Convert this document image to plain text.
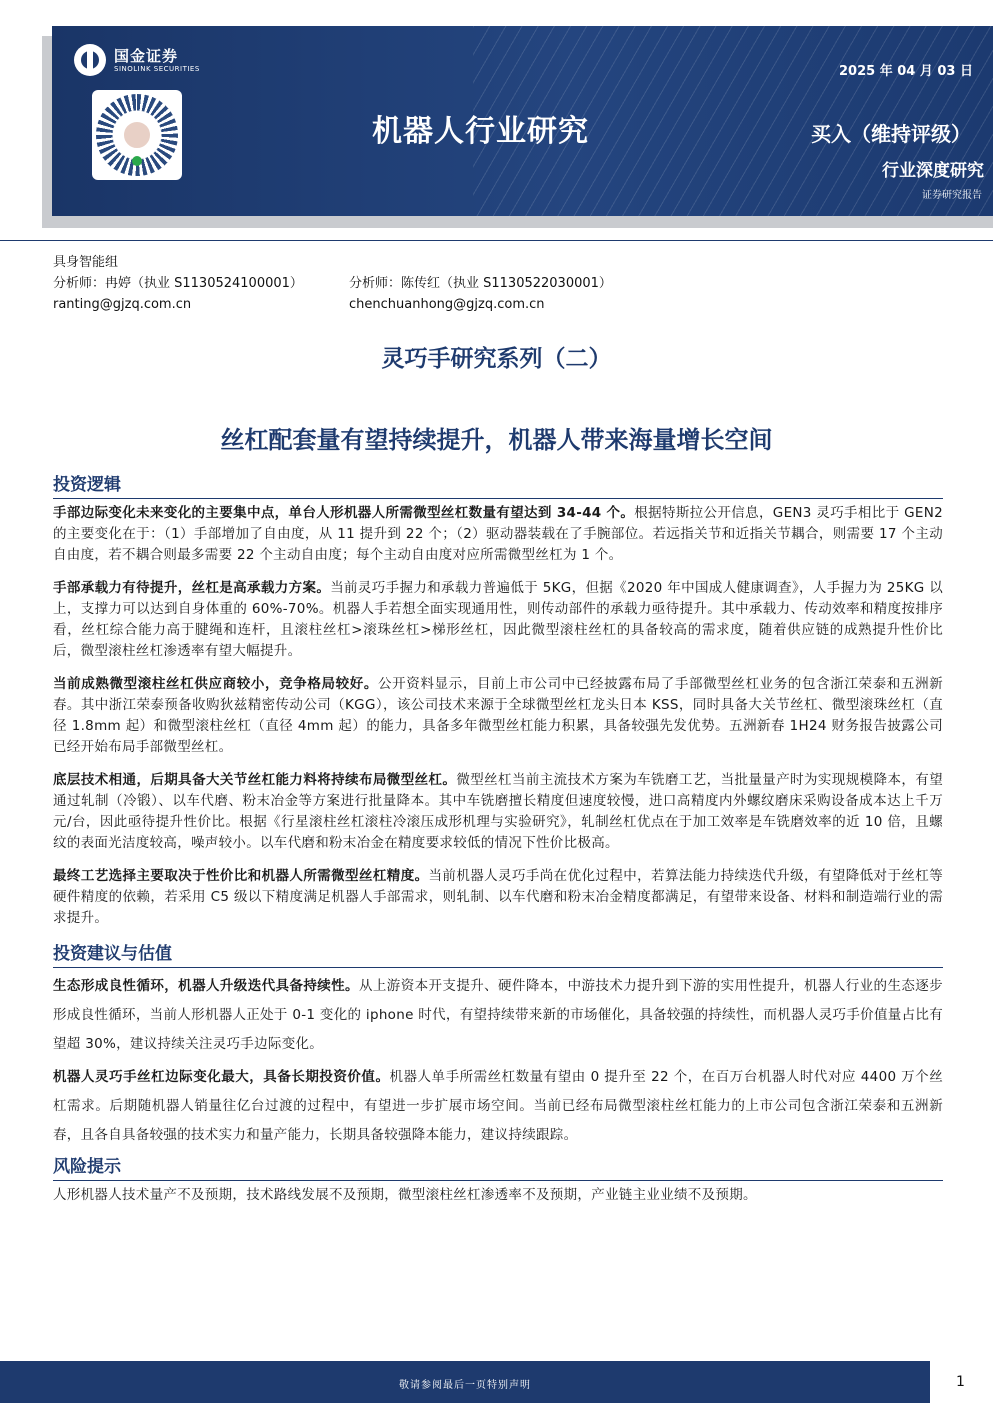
国金证券
SINOLINK SECURITIES
机器人行业研究
2025 年 04 月 03 日
买入（维持评级）
行业深度研究
证券研究报告
具身智能组
分析师：冉婷（执业 S1130524100001）	分析师：陈传红（执业 S1130522030001）
ranting@gjzq.com.cn	chenchuanhong@gjzq.com.cn
灵巧手研究系列（二）
丝杠配套量有望持续提升，机器人带来海量增长空间
投资逻辑

手部边际变化未来变化的主要集中点，单台人形机器人所需微型丝杠数量有望达到 34-44 个。根据特斯拉公开信息，GEN3 灵巧手相比于 GEN2 的主要变化在于：（1）手部增加了自由度，从 11 提升到 22 个；（2）驱动器装载在了手腕部位。若远指关节和近指关节耦合，则需要 17 个主动自由度，若不耦合则最多需要 22 个主动自由度；每个主动自由度对应所需微型丝杠为 1 个。

手部承载力有待提升，丝杠是高承载力方案。当前灵巧手握力和承载力普遍低于 5KG，但据《2020 年中国成人健康调查》，人手握力为 25KG 以上，支撑力可以达到自身体重的 60%-70%。机器人手若想全面实现通用性，则传动部件的承载力亟待提升。其中承载力、传动效率和精度按排序看，丝杠综合能力高于腱绳和连杆，且滚柱丝杠>滚珠丝杠>梯形丝杠，因此微型滚柱丝杠的具备较高的需求度，随着供应链的成熟提升性价比后，微型滚柱丝杠渗透率有望大幅提升。

当前成熟微型滚柱丝杠供应商较小，竞争格局较好。公开资料显示，目前上市公司中已经披露布局了手部微型丝杠业务的包含浙江荣泰和五洲新春。其中浙江荣泰预备收购狄兹精密传动公司（KGG），该公司技术来源于全球微型丝杠龙头日本 KSS，同时具备大关节丝杠、微型滚珠丝杠（直径 1.8mm 起）和微型滚柱丝杠（直径 4mm 起）的能力，具备多年微型丝杠能力积累，具备较强先发优势。五洲新春 1H24 财务报告披露公司已经开始布局手部微型丝杠。

底层技术相通，后期具备大关节丝杠能力料将持续布局微型丝杠。微型丝杠当前主流技术方案为车铣磨工艺，当批量量产时为实现规模降本，有望通过轧制（冷锻）、以车代磨、粉末冶金等方案进行批量降本。其中车铣磨擅长精度但速度较慢，进口高精度内外螺纹磨床采购设备成本达上千万元/台，因此亟待提升性价比。根据《行星滚柱丝杠滚柱冷滚压成形机理与实验研究》，轧制丝杠优点在于加工效率是车铣磨效率的近 10 倍，且螺纹的表面光洁度较高，噪声较小。以车代磨和粉末冶金在精度要求较低的情况下性价比极高。

最终工艺选择主要取决于性价比和机器人所需微型丝杠精度。当前机器人灵巧手尚在优化过程中，若算法能力持续迭代升级，有望降低对于丝杠等硬件精度的依赖，若采用 C5 级以下精度满足机器人手部需求，则轧制、以车代磨和粉末冶金精度都满足，有望带来设备、材料和制造端行业的需求提升。

投资建议与估值

生态形成良性循环，机器人升级迭代具备持续性。从上游资本开支提升、硬件降本，中游技术力提升到下游的实用性提升，机器人行业的生态逐步形成良性循环，当前人形机器人正处于 0-1 变化的 iphone 时代，有望持续带来新的市场催化，具备较强的持续性，而机器人灵巧手价值量占比有望超 30%，建议持续关注灵巧手边际变化。

机器人灵巧手丝杠边际变化最大，具备长期投资价值。机器人单手所需丝杠数量有望由 0 提升至 22 个，在百万台机器人时代对应 4400 万个丝杠需求。后期随机器人销量往亿台过渡的过程中，有望进一步扩展市场空间。当前已经布局微型滚柱丝杠能力的上市公司包含浙江荣泰和五洲新春，且各自具备较强的技术实力和量产能力，长期具备较强降本能力，建议持续跟踪。

风险提示

人形机器人技术量产不及预期，技术路线发展不及预期，微型滚柱丝杠渗透率不及预期，产业链主业业绩不及预期。

敬请参阅最后一页特别声明	1
